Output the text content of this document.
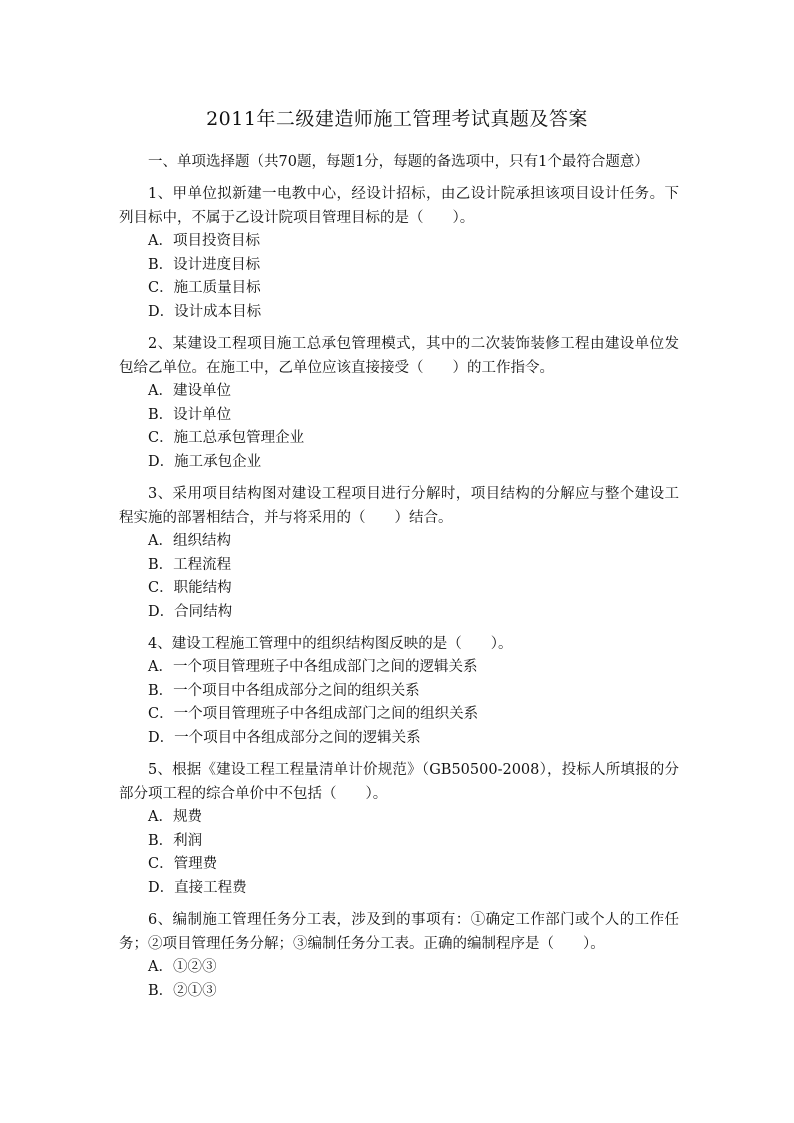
2011年二级建造师施工管理考试真题及答案
一、单项选择题（共70题，每题1分，每题的备选项中，只有1个最符合题意）
1、甲单位拟新建一电教中心，经设计招标，由乙设计院承担该项目设计任务。下列目标中，不属于乙设计院项目管理目标的是（　　）。
A．项目投资目标
B．设计进度目标
C．施工质量目标
D．设计成本目标
2、某建设工程项目施工总承包管理模式，其中的二次装饰装修工程由建设单位发包给乙单位。在施工中，乙单位应该直接接受（　　）的工作指令。
A．建设单位
B．设计单位
C．施工总承包管理企业
D．施工承包企业
3、采用项目结构图对建设工程项目进行分解时，项目结构的分解应与整个建设工程实施的部署相结合，并与将采用的（　　）结合。
A．组织结构
B．工程流程
C．职能结构
D．合同结构
4、建设工程施工管理中的组织结构图反映的是（　　）。
A．一个项目管理班子中各组成部门之间的逻辑关系
B．一个项目中各组成部分之间的组织关系
C．一个项目管理班子中各组成部门之间的组织关系
D．一个项目中各组成部分之间的逻辑关系
5、根据《建设工程工程量清单计价规范》（GB50500-2008），投标人所填报的分部分项工程的综合单价中不包括（　　）。
A．规费
B．利润
C．管理费
D．直接工程费
6、编制施工管理任务分工表，涉及到的事项有：①确定工作部门或个人的工作任务；②项目管理任务分解；③编制任务分工表。正确的编制程序是（　　）。
A．①②③
B．②①③
